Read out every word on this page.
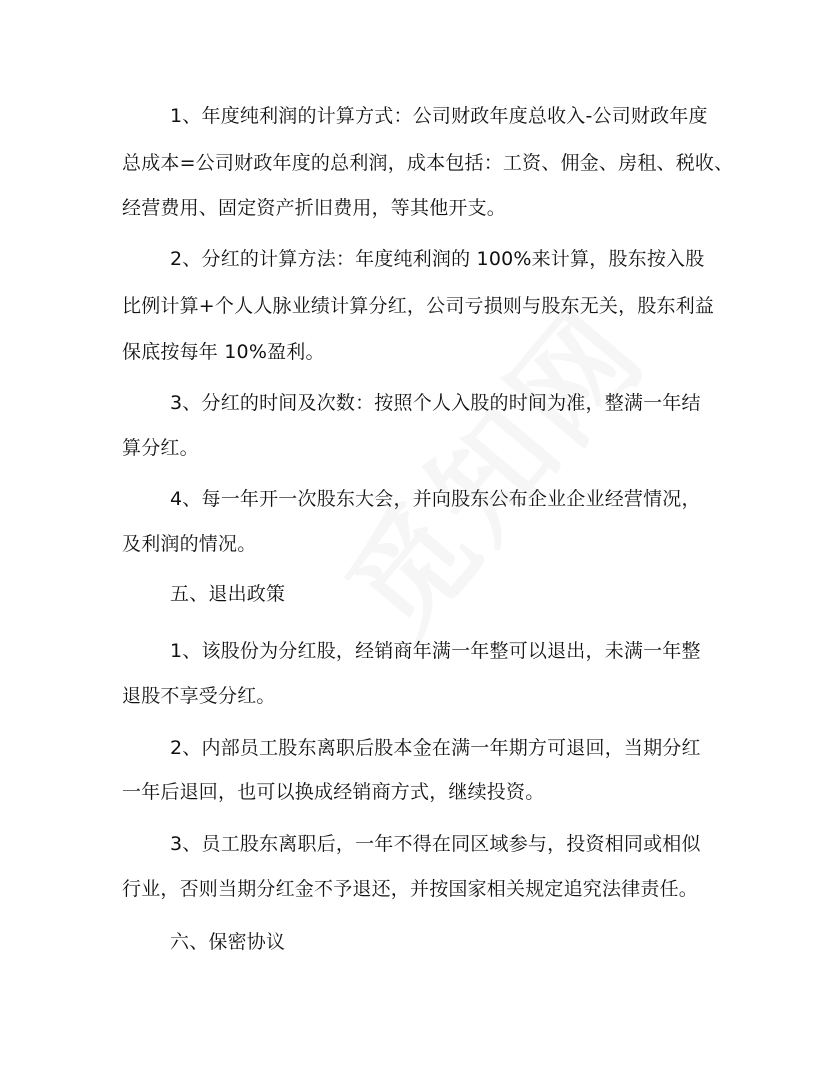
1、年度纯利润的计算方式：公司财政年度总收入-公司财政年度
总成本=公司财政年度的总利润，成本包括：工资、佣金、房租、税收、
经营费用、固定资产折旧费用，等其他开支。
2、分红的计算方法：年度纯利润的 100%来计算，股东按入股
比例计算+个人人脉业绩计算分红，公司亏损则与股东无关，股东利益
保底按每年 10%盈利。
3、分红的时间及次数：按照个人入股的时间为准，整满一年结
算分红。
4、每一年开一次股东大会，并向股东公布企业企业经营情况，
及利润的情况。
五、退出政策
1、该股份为分红股，经销商年满一年整可以退出，未满一年整
退股不享受分红。
2、内部员工股东离职后股本金在满一年期方可退回，当期分红
一年后退回，也可以换成经销商方式，继续投资。
3、员工股东离职后，一年不得在同区域参与，投资相同或相似
行业，否则当期分红金不予退还，并按国家相关规定追究法律责任。
六、保密协议
